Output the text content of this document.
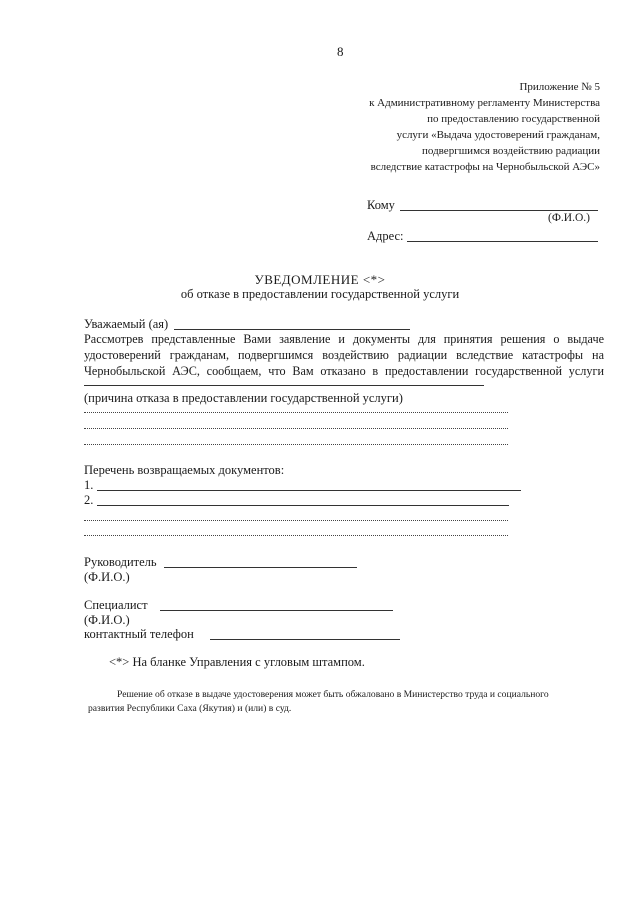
8
Приложение № 5
к Административному регламенту Министерства
по предоставлению государственной
услуги «Выдача удостоверений гражданам,
подвергшимся воздействию радиации
вследствие катастрофы на Чернобыльской АЭС»
Кому
(Ф.И.О.)
Адрес:
УВЕДОМЛЕНИЕ <*>
об отказе в предоставлении государственной услуги
Уважаемый (ая)
Рассмотрев представленные Вами заявление и документы для принятия решения о выдаче
удостоверений гражданам, подвергшимся воздействию радиации вследствие катастрофы на
Чернобыльской АЭС, сообщаем, что Вам отказано в предоставлении государственной услуги
(причина отказа в предоставлении государственной услуги)
Перечень возвращаемых документов:
1.
2.
Руководитель
(Ф.И.О.)
Специалист
(Ф.И.О.)
контактный телефон
<*> На бланке Управления с угловым штампом.
Решение об отказе в выдаче удостоверения может быть обжаловано в Министерство труда и социального
развития Республики Саха (Якутия) и (или) в суд.
